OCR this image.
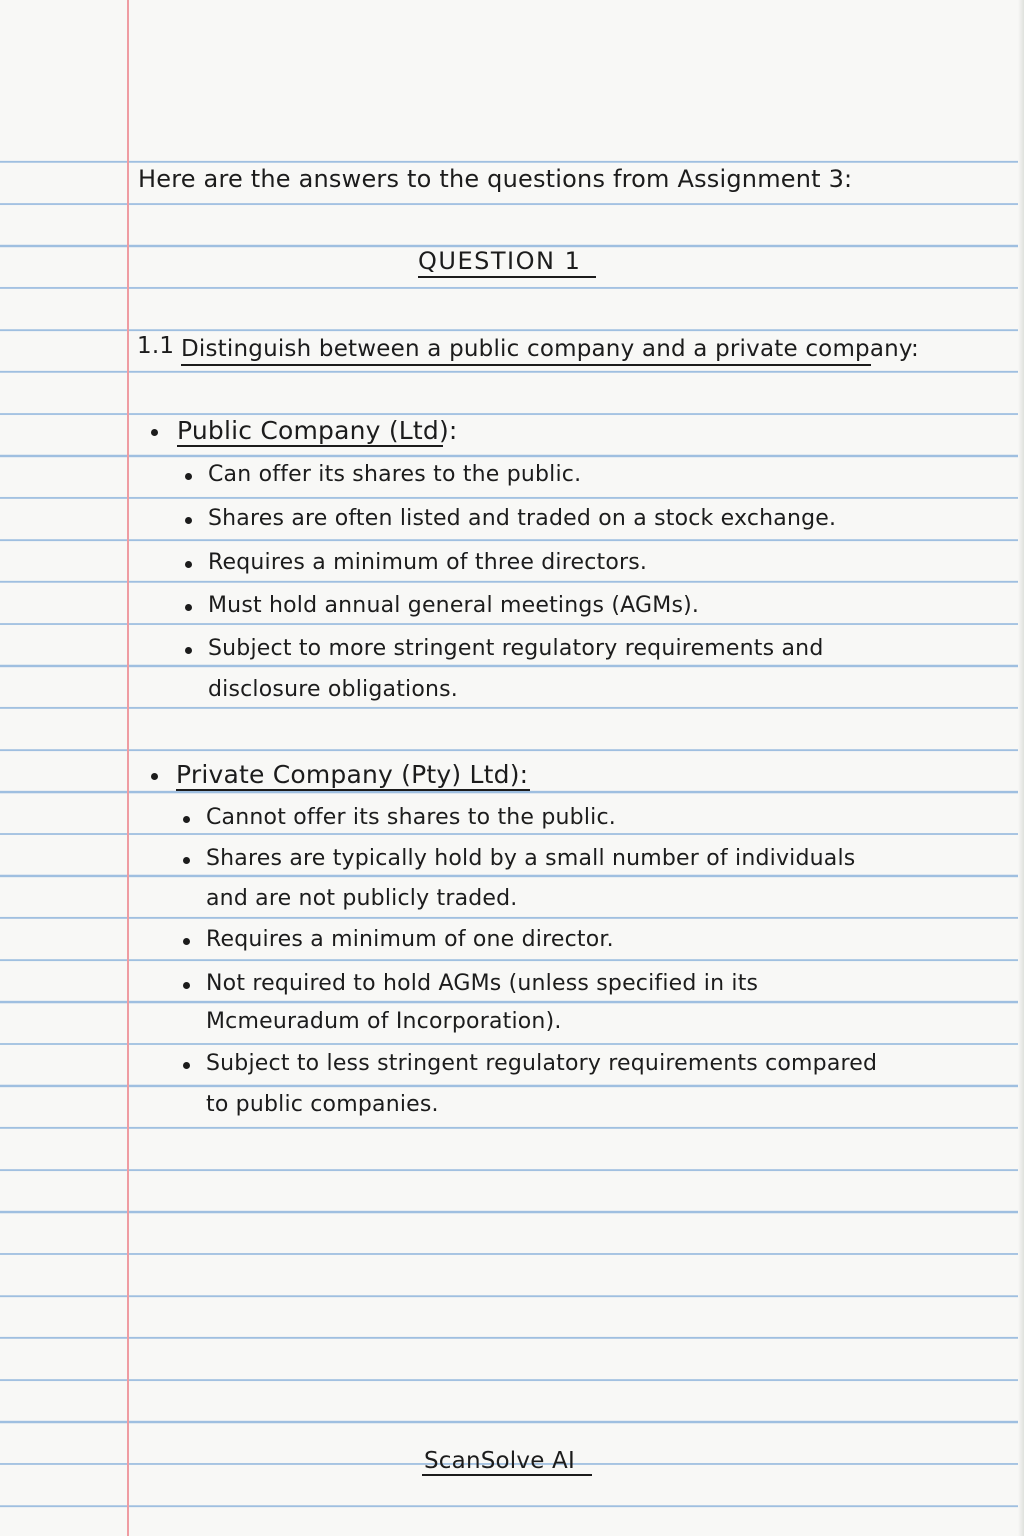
Here are the answers to the questions from Assignment 3:
QUESTION 1
1.1 Distinguish between a public company and a private company:
Public Company (Ltd):
Can offer its shares to the public.
Shares are often listed and traded on a stock exchange.
Requires a minimum of three directors.
Must hold annual general meetings (AGMs).
Subject to more stringent regulatory requirements and
disclosure obligations.
Private Company (Pty) Ltd):
Cannot offer its shares to the public.
Shares are typically hold by a small number of individuals
and are not publicly traded.
Requires a minimum of one director.
Not required to hold AGMs (unless specified in its
Mcmeuradum of Incorporation).
Subject to less stringent regulatory requirements compared
to public companies.
ScanSolve AI
